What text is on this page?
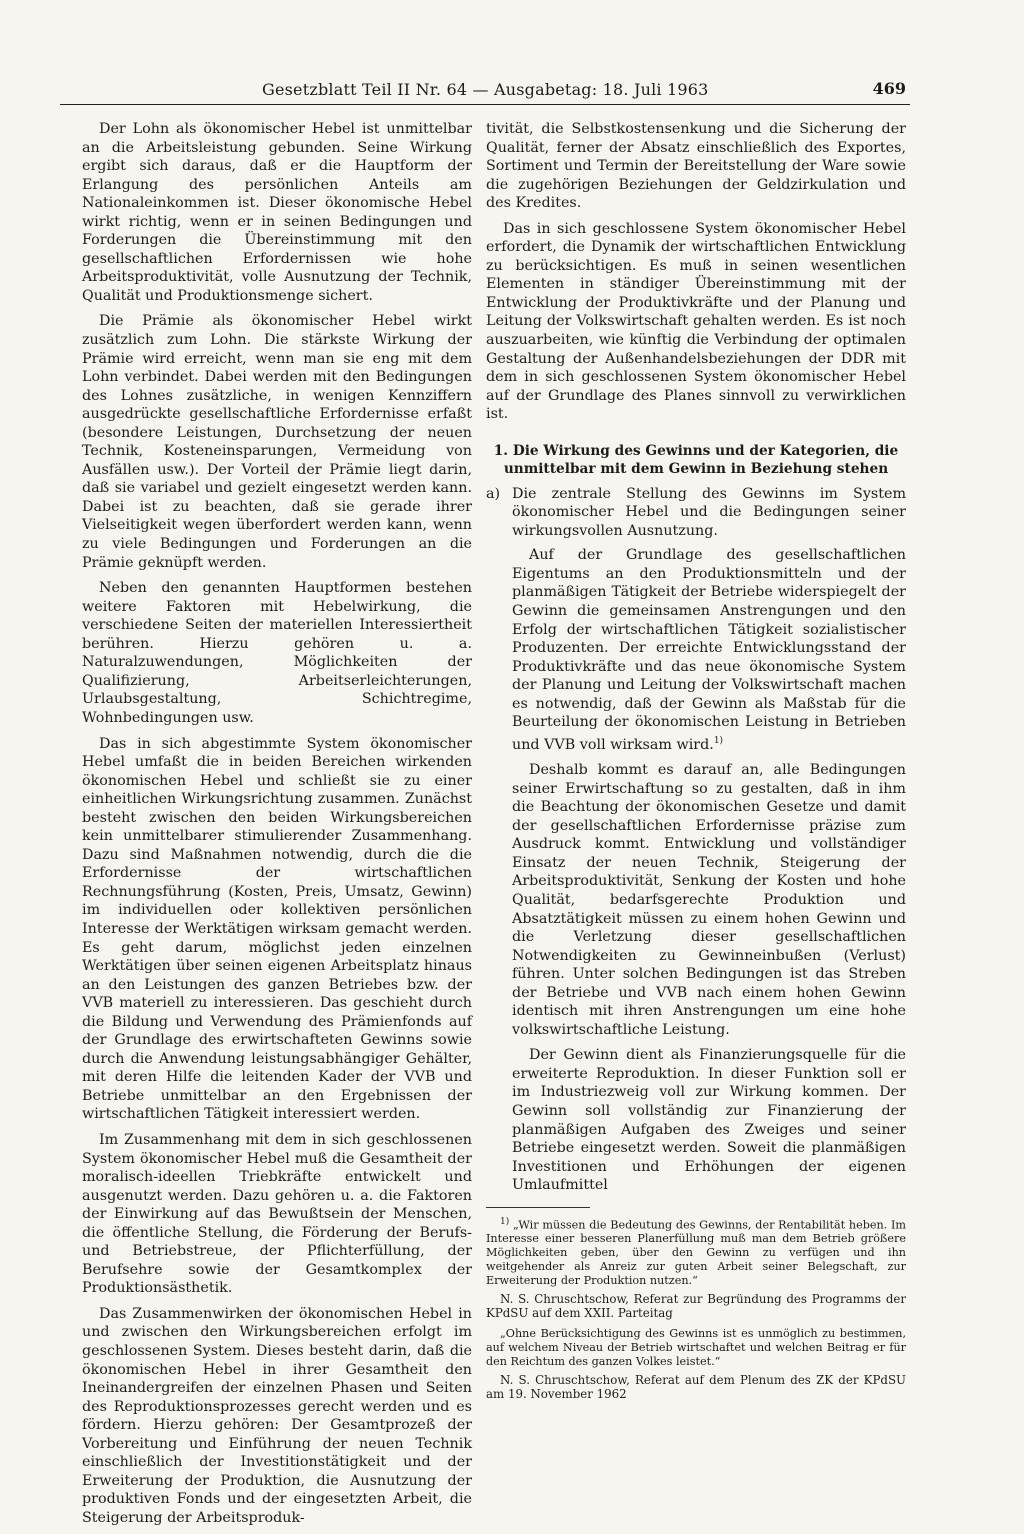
Gesetzblatt Teil II Nr. 64 — Ausgabetag: 18. Juli 1963	469

Der Lohn als ökonomischer Hebel ist unmittelbar an die Arbeitsleistung gebunden. Seine Wirkung ergibt sich daraus, daß er die Hauptform der Erlangung des persönlichen Anteils am Nationaleinkommen ist. Dieser ökonomische Hebel wirkt richtig, wenn er in seinen Bedingungen und Forderungen die Übereinstimmung mit den gesellschaftlichen Erfordernissen wie hohe Arbeitsproduktivität, volle Ausnutzung der Technik, Qualität und Produktionsmenge sichert.

Die Prämie als ökonomischer Hebel wirkt zusätzlich zum Lohn. Die stärkste Wirkung der Prämie wird erreicht, wenn man sie eng mit dem Lohn verbindet. Dabei werden mit den Bedingungen des Lohnes zusätzliche, in wenigen Kennziffern ausgedrückte gesellschaftliche Erfordernisse erfaßt (besondere Leistungen, Durchsetzung der neuen Technik, Kosteneinsparungen, Vermeidung von Ausfällen usw.). Der Vorteil der Prämie liegt darin, daß sie variabel und gezielt eingesetzt werden kann. Dabei ist zu beachten, daß sie gerade ihrer Vielseitigkeit wegen überfordert werden kann, wenn zu viele Bedingungen und Forderungen an die Prämie geknüpft werden.

Neben den genannten Hauptformen bestehen weitere Faktoren mit Hebelwirkung, die verschiedene Seiten der materiellen Interessiertheit berühren. Hierzu gehören u. a. Naturalzuwendungen, Möglichkeiten der Qualifizierung, Arbeitserleichterungen, Urlaubsgestaltung, Schichtregime, Wohnbedingungen usw.

Das in sich abgestimmte System ökonomischer Hebel umfaßt die in beiden Bereichen wirkenden ökonomischen Hebel und schließt sie zu einer einheitlichen Wirkungsrichtung zusammen. Zunächst besteht zwischen den beiden Wirkungsbereichen kein unmittelbarer stimulierender Zusammenhang. Dazu sind Maßnahmen notwendig, durch die die Erfordernisse der wirtschaftlichen Rechnungsführung (Kosten, Preis, Umsatz, Gewinn) im individuellen oder kollektiven persönlichen Interesse der Werktätigen wirksam gemacht werden. Es geht darum, möglichst jeden einzelnen Werktätigen über seinen eigenen Arbeitsplatz hinaus an den Leistungen des ganzen Betriebes bzw. der VVB materiell zu interessieren. Das geschieht durch die Bildung und Verwendung des Prämienfonds auf der Grundlage des erwirtschafteten Gewinns sowie durch die Anwendung leistungsabhängiger Gehälter, mit deren Hilfe die leitenden Kader der VVB und Betriebe unmittelbar an den Ergebnissen der wirtschaftlichen Tätigkeit interessiert werden.

Im Zusammenhang mit dem in sich geschlossenen System ökonomischer Hebel muß die Gesamtheit der moralisch-ideellen Triebkräfte entwickelt und ausgenutzt werden. Dazu gehören u. a. die Faktoren der Einwirkung auf das Bewußtsein der Menschen, die öffentliche Stellung, die Förderung der Berufs- und Betriebstreue, der Pflichterfüllung, der Berufsehre sowie der Gesamtkomplex der Produktionsästhetik.

Das Zusammenwirken der ökonomischen Hebel in und zwischen den Wirkungsbereichen erfolgt im geschlossenen System. Dieses besteht darin, daß die ökonomischen Hebel in ihrer Gesamtheit den Ineinandergreifen der einzelnen Phasen und Seiten des Reproduktionsprozesses gerecht werden und es fördern. Hierzu gehören: Der Gesamtprozeß der Vorbereitung und Einführung der neuen Technik einschließlich der Investitionstätigkeit und der Erweiterung der Produktion, die Ausnutzung der produktiven Fonds und der eingesetzten Arbeit, die Steigerung der Arbeitsproduk-

tivität, die Selbstkostensenkung und die Sicherung der Qualität, ferner der Absatz einschließlich des Exportes, Sortiment und Termin der Bereitstellung der Ware sowie die zugehörigen Beziehungen der Geldzirkulation und des Kredites.

Das in sich geschlossene System ökonomischer Hebel erfordert, die Dynamik der wirtschaftlichen Entwicklung zu berücksichtigen. Es muß in seinen wesentlichen Elementen in ständiger Übereinstimmung mit der Entwicklung der Produktivkräfte und der Planung und Leitung der Volkswirtschaft gehalten werden. Es ist noch auszuarbeiten, wie künftig die Verbindung der optimalen Gestaltung der Außenhandelsbeziehungen der DDR mit dem in sich geschlossenen System ökonomischer Hebel auf der Grundlage des Planes sinnvoll zu verwirklichen ist.

1. Die Wirkung des Gewinns und der Kategorien, die unmittelbar mit dem Gewinn in Beziehung stehen
a) Die zentrale Stellung des Gewinns im System ökonomischer Hebel und die Bedingungen seiner wirkungsvollen Ausnutzung.

Auf der Grundlage des gesellschaftlichen Eigentums an den Produktionsmitteln und der planmäßigen Tätigkeit der Betriebe widerspiegelt der Gewinn die gemeinsamen Anstrengungen und den Erfolg der wirtschaftlichen Tätigkeit sozialistischer Produzenten. Der erreichte Entwicklungsstand der Produktivkräfte und das neue ökonomische System der Planung und Leitung der Volkswirtschaft machen es notwendig, daß der Gewinn als Maßstab für die Beurteilung der ökonomischen Leistung in Betrieben und VVB voll wirksam wird.$^{1)}$

Deshalb kommt es darauf an, alle Bedingungen seiner Erwirtschaftung so zu gestalten, daß in ihm die Beachtung der ökonomischen Gesetze und damit der gesellschaftlichen Erfordernisse präzise zum Ausdruck kommt. Entwicklung und vollständiger Einsatz der neuen Technik, Steigerung der Arbeitsproduktivität, Senkung der Kosten und hohe Qualität, bedarfsgerechte Produktion und Absatztätigkeit müssen zu einem hohen Gewinn und die Verletzung dieser gesellschaftlichen Notwendigkeiten zu Gewinneinbußen (Verlust) führen. Unter solchen Bedingungen ist das Streben der Betriebe und VVB nach einem hohen Gewinn identisch mit ihren Anstrengungen um eine hohe volkswirtschaftliche Leistung.

Der Gewinn dient als Finanzierungsquelle für die erweiterte Reproduktion. In dieser Funktion soll er im Industriezweig voll zur Wirkung kommen. Der Gewinn soll vollständig zur Finanzierung der planmäßigen Aufgaben des Zweiges und seiner Betriebe eingesetzt werden. Soweit die planmäßigen Investitionen und Erhöhungen der eigenen Umlaufmittel

$^{1)}$ „Wir müssen die Bedeutung des Gewinns, der Rentabilität heben. Im Interesse einer besseren Planerfüllung muß man dem Betrieb größere Möglichkeiten geben, über den Gewinn zu verfügen und ihn weitgehender als Anreiz zur guten Arbeit seiner Belegschaft, zur Erweiterung der Produktion nutzen.“

N. S. Chruschtschow, Referat zur Begründung des Programms der KPdSU auf dem XXII. Parteitag

„Ohne Berücksichtigung des Gewinns ist es unmöglich zu bestimmen, auf welchem Niveau der Betrieb wirtschaftet und welchen Beitrag er für den Reichtum des ganzen Volkes leistet.“

N. S. Chruschtschow, Referat auf dem Plenum des ZK der KPdSU am 19. November 1962
